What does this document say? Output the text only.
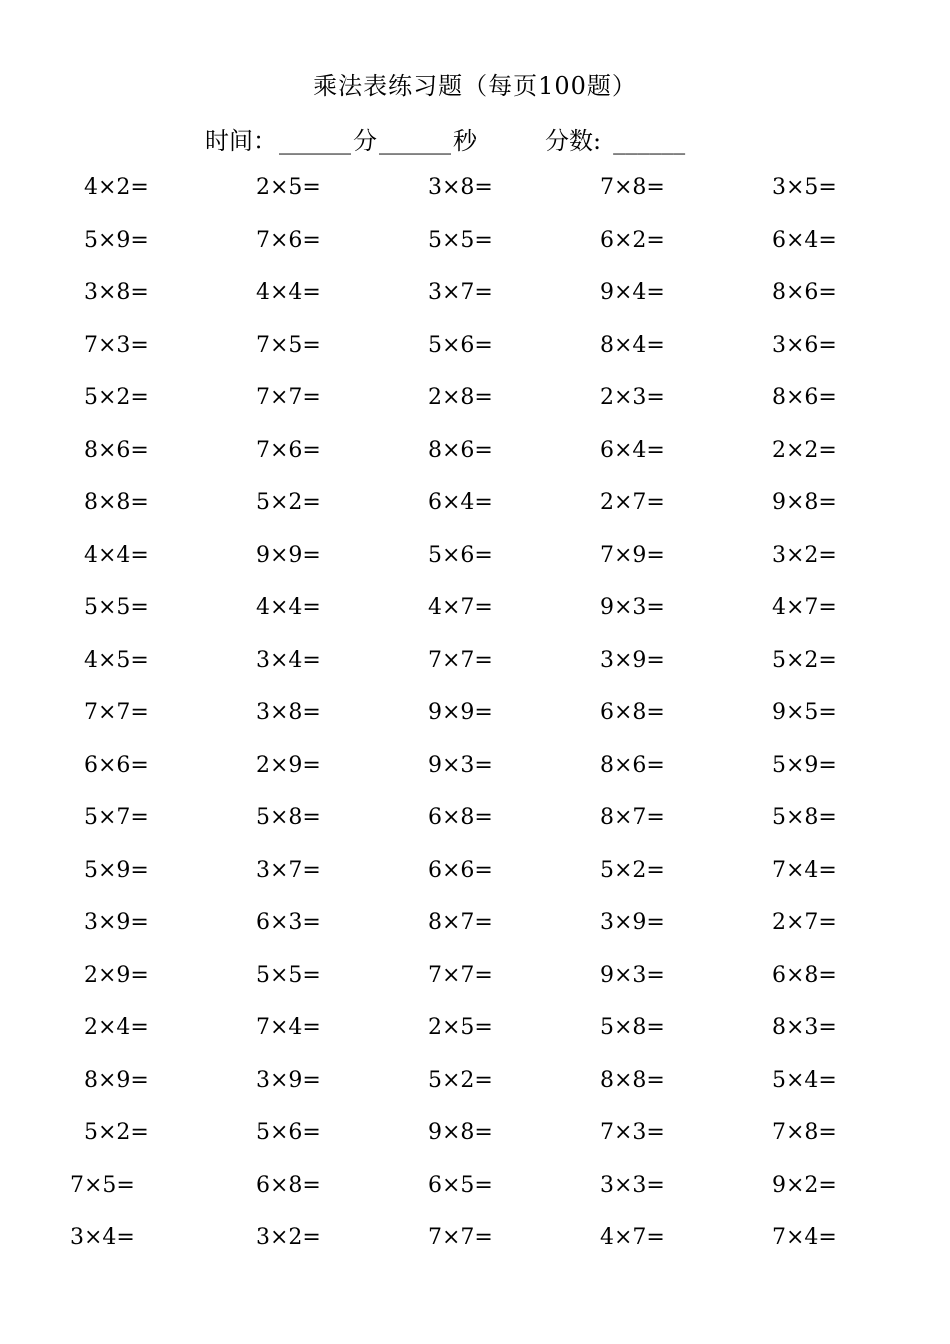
乘法表练习题（每页100题）
时间： ______ 分 ______ 秒	分数: ______
4×2=	2×5=	3×8=	7×8=	3×5=
5×9=	7×6=	5×5=	6×2=	6×4=
3×8=	4×4=	3×7=	9×4=	8×6=
7×3=	7×5=	5×6=	8×4=	3×6=
5×2=	7×7=	2×8=	2×3=	8×6=
8×6=	7×6=	8×6=	6×4=	2×2=
8×8=	5×2=	6×4=	2×7=	9×8=
4×4=	9×9=	5×6=	7×9=	3×2=
5×5=	4×4=	4×7=	9×3=	4×7=
4×5=	3×4=	7×7=	3×9=	5×2=
7×7=	3×8=	9×9=	6×8=	9×5=
6×6=	2×9=	9×3=	8×6=	5×9=
5×7=	5×8=	6×8=	8×7=	5×8=
5×9=	3×7=	6×6=	5×2=	7×4=
3×9=	6×3=	8×7=	3×9=	2×7=
2×9=	5×5=	7×7=	9×3=	6×8=
2×4=	7×4=	2×5=	5×8=	8×3=
8×9=	3×9=	5×2=	8×8=	5×4=
5×2=	5×6=	9×8=	7×3=	7×8=
7×5=	6×8=	6×5=	3×3=	9×2=
3×4=	3×2=	7×7=	4×7=	7×4=
